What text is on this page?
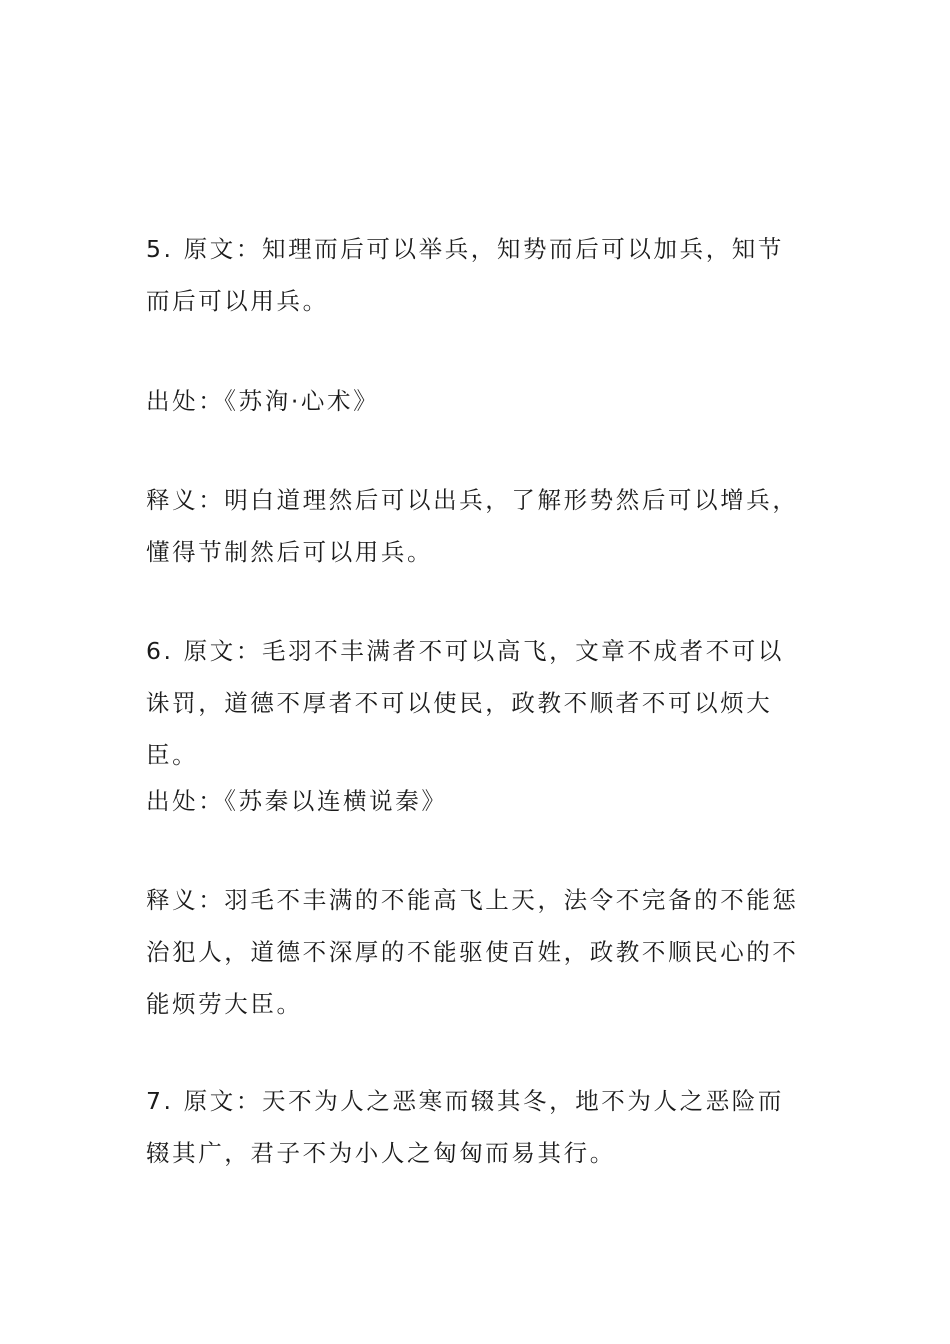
5. 原文：知理而后可以举兵，知势而后可以加兵，知节而后可以用兵。

出处：《苏洵·心术》

释义：明白道理然后可以出兵，了解形势然后可以增兵，懂得节制然后可以用兵。

6. 原文：毛羽不丰满者不可以高飞，文章不成者不可以诛罚，道德不厚者不可以使民，政教不顺者不可以烦大臣。

出处：《苏秦以连横说秦》

释义：羽毛不丰满的不能高飞上天，法令不完备的不能惩治犯人，道德不深厚的不能驱使百姓，政教不顺民心的不能烦劳大臣。

7. 原文：天不为人之恶寒而辍其冬，地不为人之恶险而辍其广，君子不为小人之匈匈而易其行。
